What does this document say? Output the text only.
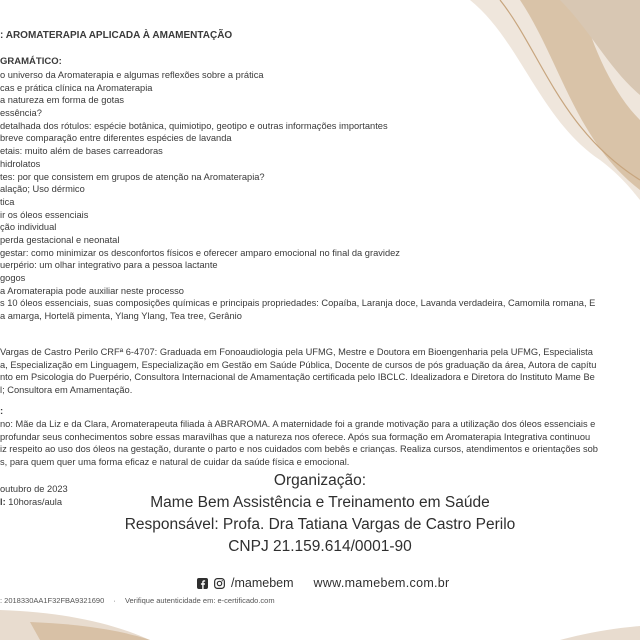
: AROMATERAPIA APLICADA À AMAMENTAÇÃO
GRAMÁTICO:
o universo da Aromaterapia e algumas reflexões sobre a prática
cas e prática clínica na Aromaterapia
a natureza em forma de gotas
essência?
detalhada dos rótulos: espécie botânica, quimiotipo, geotipo e outras informações importantes
breve comparação entre diferentes espécies de lavanda
etais: muito além de bases carreadoras
hidrolatos
tes: por que consistem em grupos de atenção na Aromaterapia?
alação; Uso dérmico
tica
ir os óleos essenciais
ção individual
perda gestacional e neonatal
gestar: como minimizar os desconfortos físicos e oferecer amparo emocional no final da gravidez
uerpério: um olhar integrativo para a pessoa lactante
gogos
a Aromaterapia pode auxiliar neste processo
s 10 óleos essenciais, suas composições químicas e principais propriedades: Copaíba, Laranja doce, Lavanda verdadeira, Camomila romana, E
a amarga, Hortelã pimenta, Ylang Ylang, Tea tree, Gerânio
Vargas de Castro Perilo CRFª 6-4707: Graduada em Fonoaudiologia pela UFMG, Mestre e Doutora em Bioengenharia pela UFMG, Especialista
a, Especialização em Linguagem, Especialização em Gestão em Saúde Pública, Docente de cursos de pós graduação da área, Autora de capítu
nto em Psicologia do Puerpério, Consultora Internacional de Amamentação certificada pelo IBCLC. Idealizadora e Diretora do Instituto Mame Be
l; Consultora em Amamentação.
:
no: Mãe da Liz e da Clara, Aromaterapeuta filiada à ABRAROMA. A maternidade foi a grande motivação para a utilização dos óleos essenciais e
profundar seus conhecimentos sobre essas maravilhas que a natureza nos oferece. Após sua formação em Aromaterapia Integrativa continuou
iz respeito ao uso dos óleos na gestação, durante o parto e nos cuidados com bebês e crianças. Realiza cursos, atendimentos e orientações sob
s, para quem quer uma forma eficaz e natural de cuidar da saúde física e emocional.
outubro de 2023
l: 10horas/aula
Organização:
Mame Bem Assistência e Treinamento em Saúde
Responsável: Profa. Dra Tatiana Vargas de Castro Perilo
CNPJ 21.159.614/0001-90
/mamebem www.mamebem.com.br
: 2018330AA1F32FBA9321690 · Verifique autenticidade em: e-certificado.com
